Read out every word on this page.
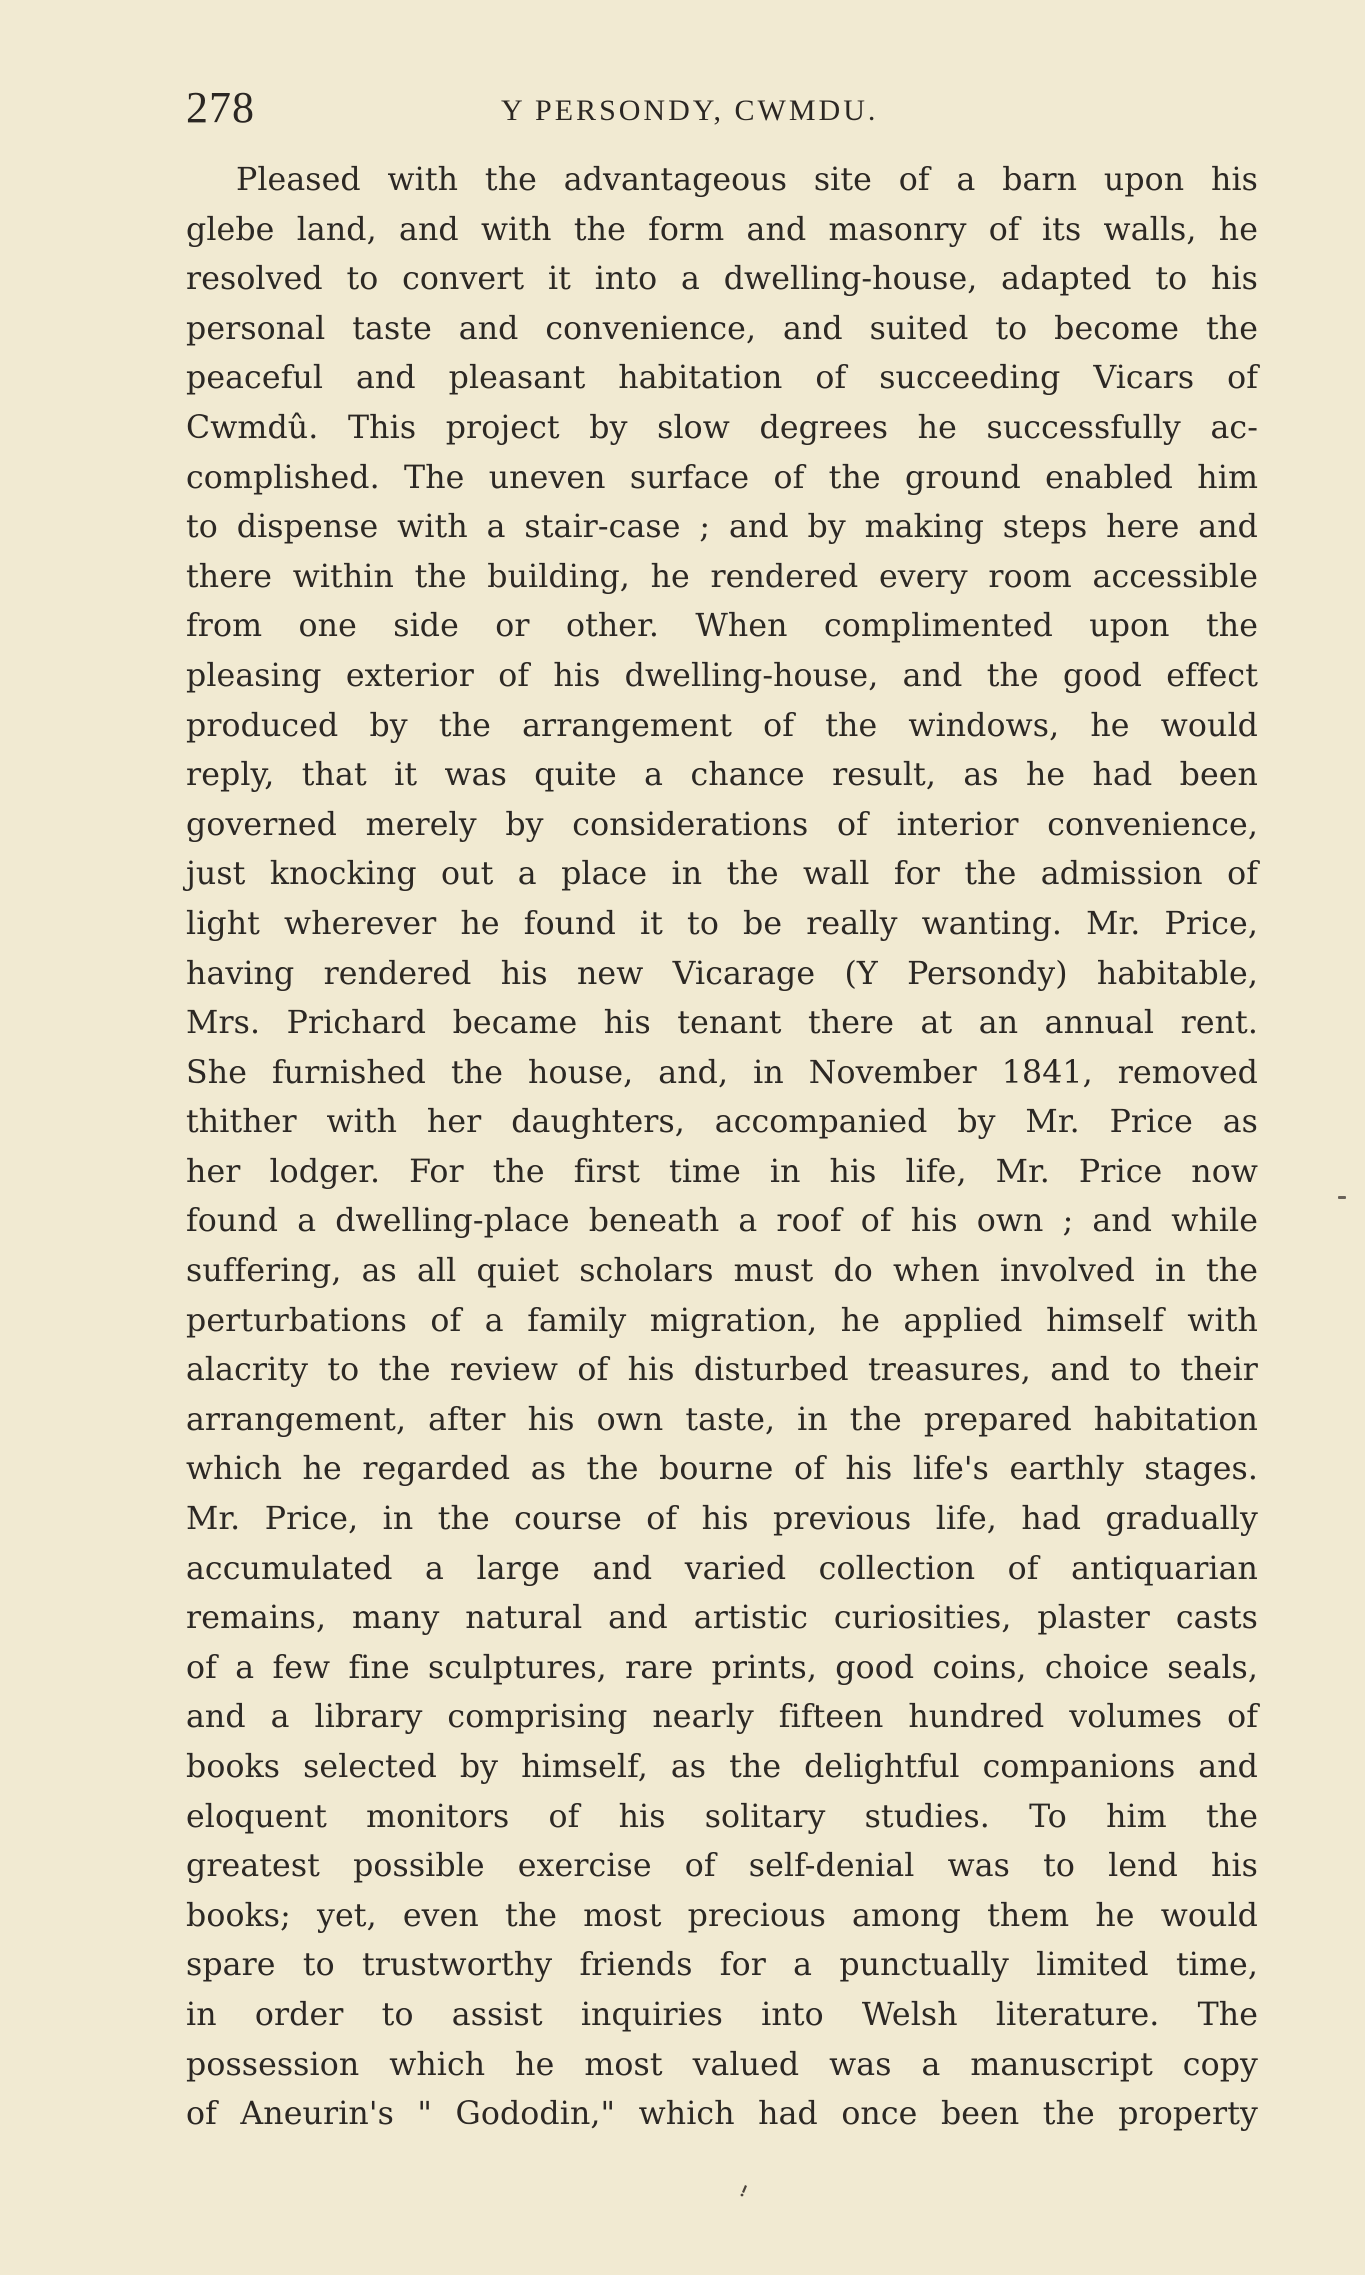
278	Y PERSONDY, CWMDU.
Pleased with the advantageous site of a barn upon his
glebe land, and with the form and masonry of its walls, he
resolved to convert it into a dwelling-house, adapted to his
personal taste and convenience, and suited to become the
peaceful and pleasant habitation of succeeding Vicars of
Cwmdû. This project by slow degrees he successfully ac-
complished. The uneven surface of the ground enabled him
to dispense with a stair-case ; and by making steps here and
there within the building, he rendered every room accessible
from one side or other. When complimented upon the
pleasing exterior of his dwelling-house, and the good effect
produced by the arrangement of the windows, he would
reply, that it was quite a chance result, as he had been
governed merely by considerations of interior convenience,
just knocking out a place in the wall for the admission of
light wherever he found it to be really wanting. Mr. Price,
having rendered his new Vicarage (Y Persondy) habitable,
Mrs. Prichard became his tenant there at an annual rent.
She furnished the house, and, in November 1841, removed
thither with her daughters, accompanied by Mr. Price as
her lodger. For the first time in his life, Mr. Price now
found a dwelling-place beneath a roof of his own ; and while
suffering, as all quiet scholars must do when involved in the
perturbations of a family migration, he applied himself with
alacrity to the review of his disturbed treasures, and to their
arrangement, after his own taste, in the prepared habitation
which he regarded as the bourne of his life's earthly stages.
Mr. Price, in the course of his previous life, had gradually
accumulated a large and varied collection of antiquarian
remains, many natural and artistic curiosities, plaster casts
of a few fine sculptures, rare prints, good coins, choice seals,
and a library comprising nearly fifteen hundred volumes of
books selected by himself, as the delightful companions and
eloquent monitors of his solitary studies. To him the
greatest possible exercise of self-denial was to lend his
books; yet, even the most precious among them he would
spare to trustworthy friends for a punctually limited time,
in order to assist inquiries into Welsh literature. The
possession which he most valued was a manuscript copy
of Aneurin's " Gododin," which had once been the property
